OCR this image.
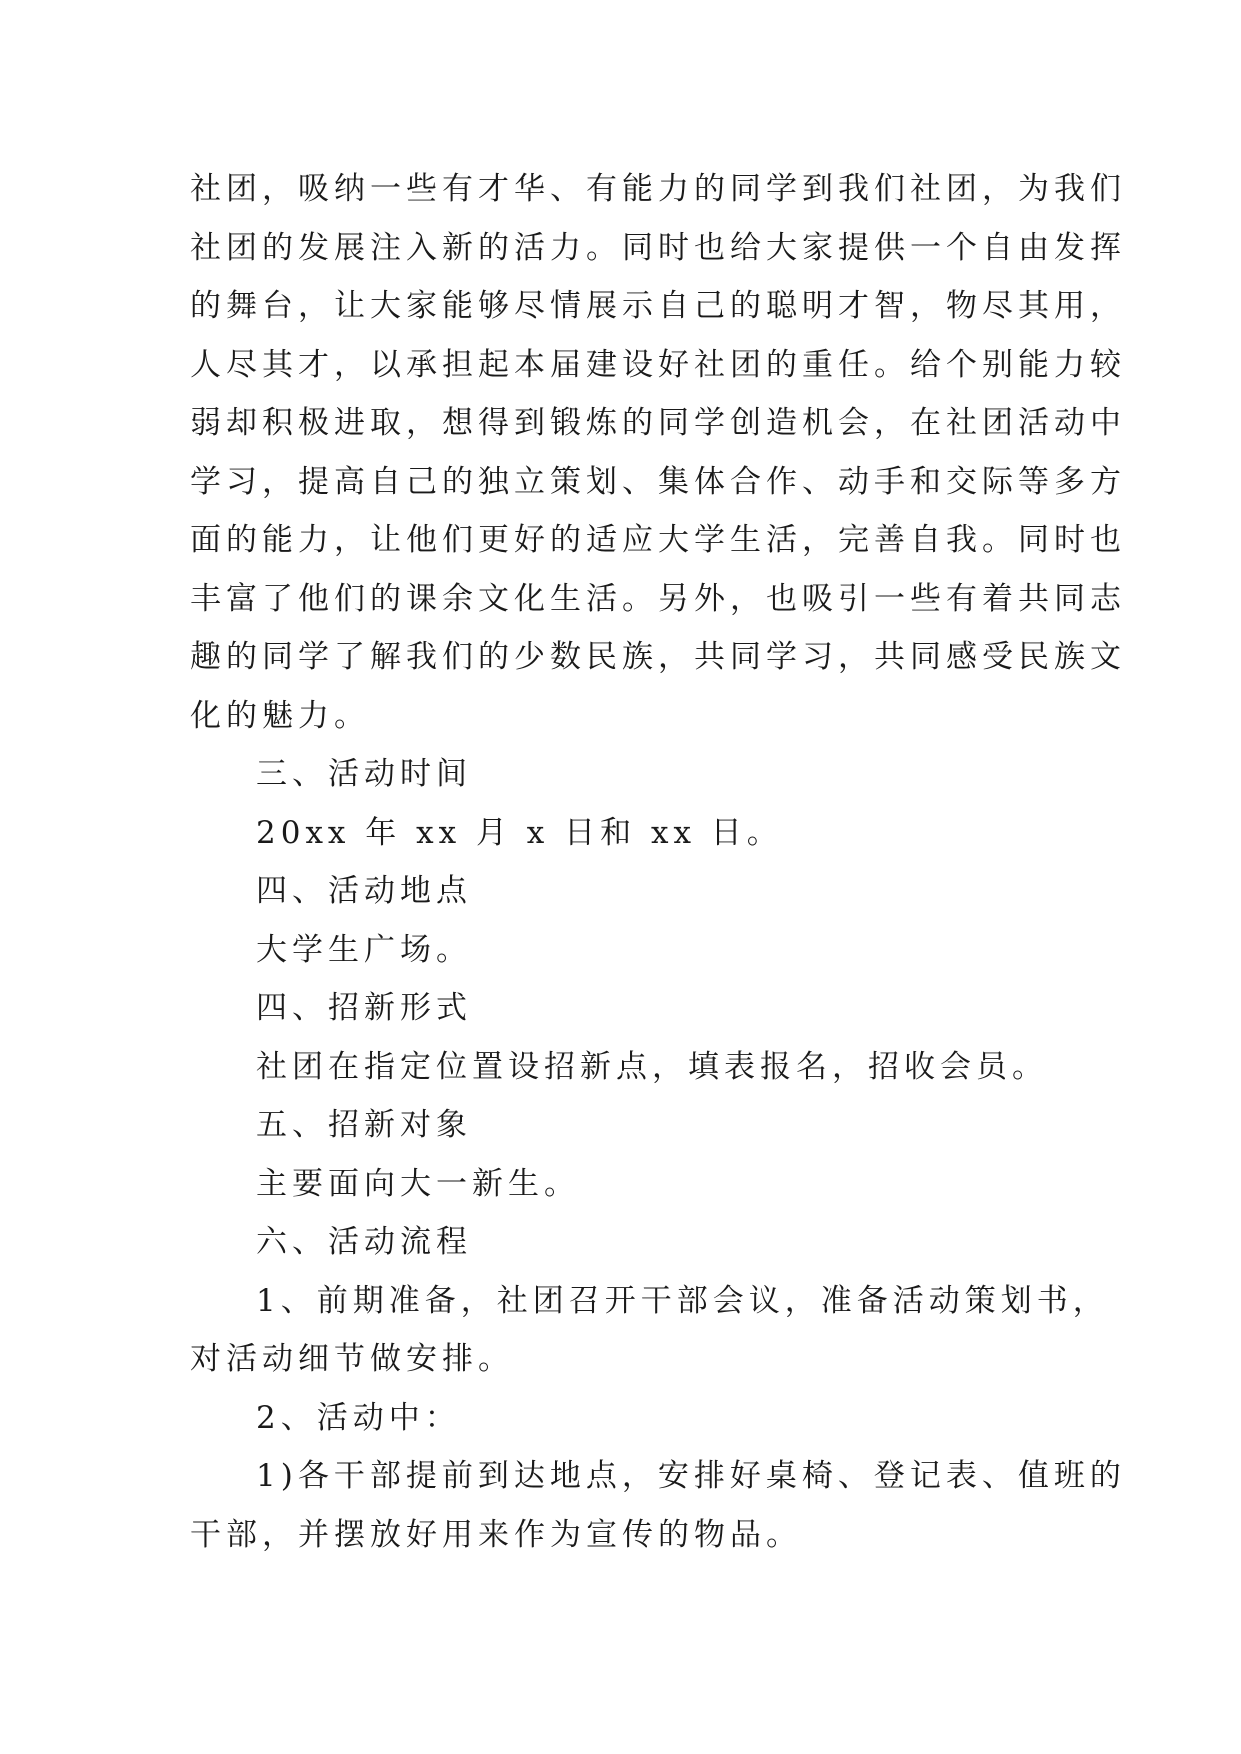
社团，吸纳一些有才华、有能力的同学到我们社团，为我们
社团的发展注入新的活力。同时也给大家提供一个自由发挥
的舞台，让大家能够尽情展示自己的聪明才智，物尽其用，
人尽其才，以承担起本届建设好社团的重任。给个别能力较
弱却积极进取，想得到锻炼的同学创造机会，在社团活动中
学习，提高自己的独立策划、集体合作、动手和交际等多方
面的能力，让他们更好的适应大学生活，完善自我。同时也
丰富了他们的课余文化生活。另外，也吸引一些有着共同志
趣的同学了解我们的少数民族，共同学习，共同感受民族文
化的魅力。
三、活动时间
20xx 年 xx 月 x 日和 xx 日。
四、活动地点
大学生广场。
四、招新形式
社团在指定位置设招新点，填表报名，招收会员。
五、招新对象
主要面向大一新生。
六、活动流程
1、前期准备，社团召开干部会议，准备活动策划书，
对活动细节做安排。
2、活动中：
1)各干部提前到达地点，安排好桌椅、登记表、值班的
干部，并摆放好用来作为宣传的物品。
